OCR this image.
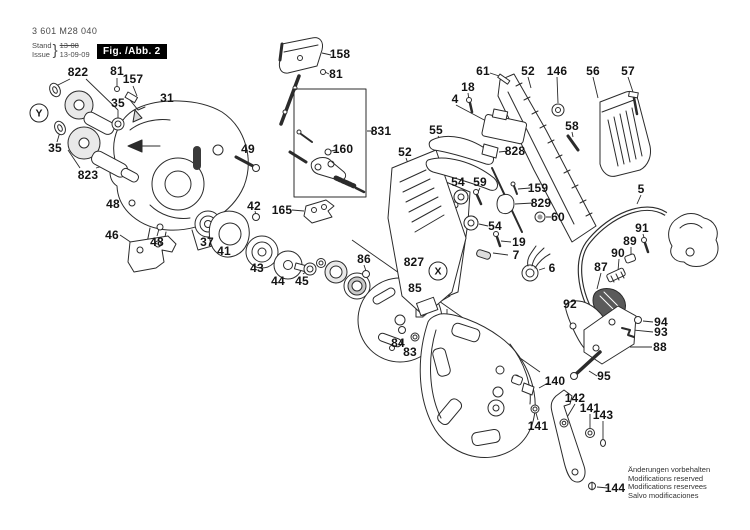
3 601 M28 040
Stand
Issue } 13-08
13-09-09	Fig. /Abb. 2
822 81
157
35	31
35
823
49
48
46	48	37
41
42
43
44 45
165
160
831
158
81	61	52 146 56 57
18
4
55
828
58
52
54 59	159
829
60
54
19
7
6
5
91
89
90
87
92
94
93
88
95
86	827
85
84
83
140
142
141
143
141
144
Y
X
Änderungen vorbehalten
Modifications reserved
Modifications reservees
Salvo modificaciones
